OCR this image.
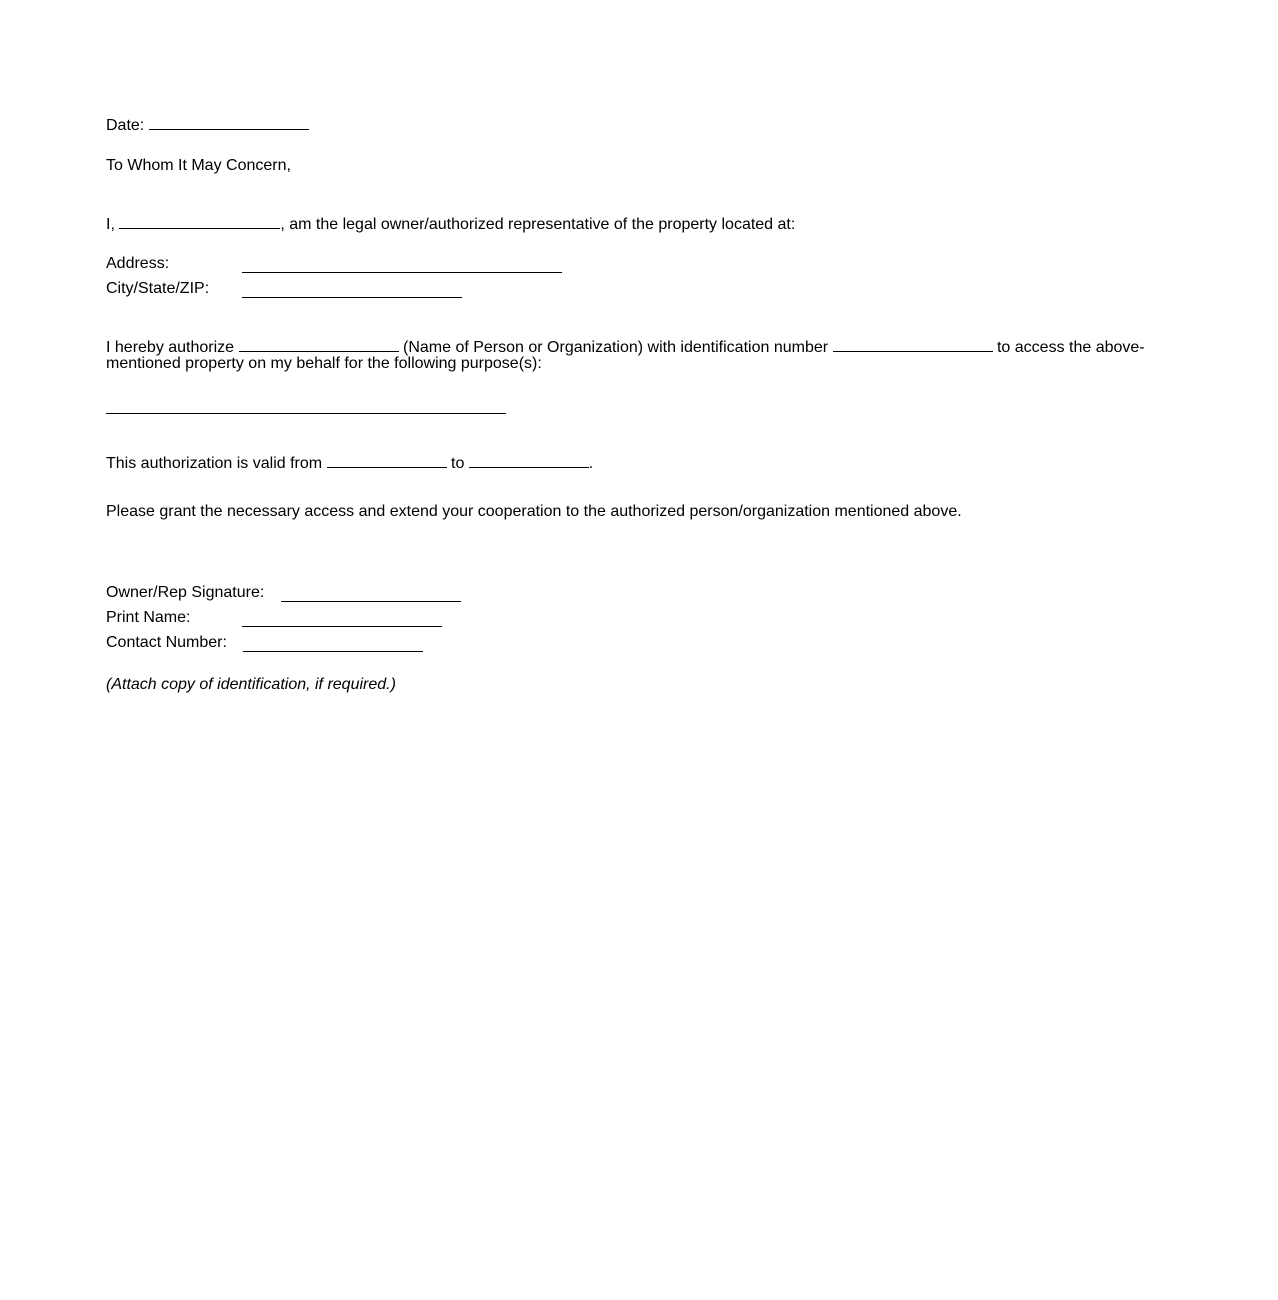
Date:
To Whom It May Concern,
I,	, am the legal owner/authorized representative of the property located at:
Address:
City/State/ZIP:
I hereby authorize	(Name of Person or Organization) with identification number	to access the above-
mentioned property on my behalf for the following purpose(s):
This authorization is valid from	to	.
Please grant the necessary access and extend your cooperation to the authorized person/organization mentioned above.
Owner/Rep Signature:
Print Name:
Contact Number:
(Attach copy of identification, if required.)
